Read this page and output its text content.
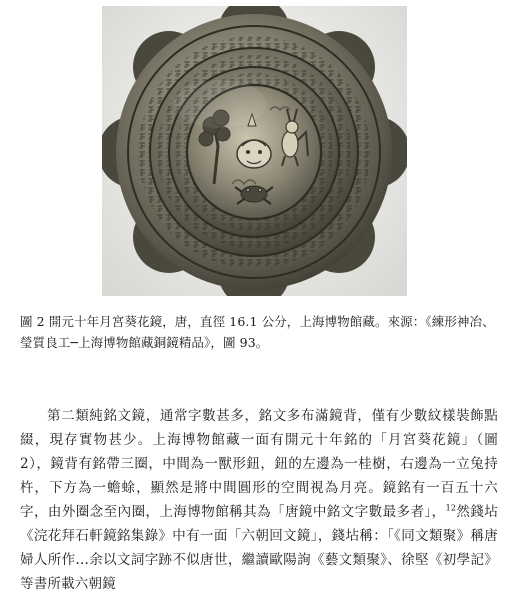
圖 2 開元十年月宮葵花鏡，唐，直徑 16.1 公分，上海博物館藏。來源：《練形神冶、瑩質良工─上海博物館藏銅鏡精品》，圖 93。

第二類純銘文鏡，通常字數甚多，銘文多布滿鏡背，僅有少數紋樣裝飾點綴，現存實物甚少。上海博物館藏一面有開元十年銘的「月宮葵花鏡」（圖 2），鏡背有銘帶三圈，中間為一獸形鈕，鈕的左邊為一桂樹，右邊為一立兔持杵，下方為一蟾蜍，顯然是將中間圓形的空間視為月亮。鏡銘有一百五十六字，由外圈念至內圈，上海博物館稱其為「唐鏡中銘文字數最多者」，$^{12}$然錢坫《浣花拜石軒鏡銘集錄》中有一面「六朝回文鏡」，錢坫稱：「《同文類聚》稱唐婦人所作…余以文詞字跡不似唐世，繼讀歐陽詢《藝文類聚》、徐堅《初學記》等書所載六朝鏡
